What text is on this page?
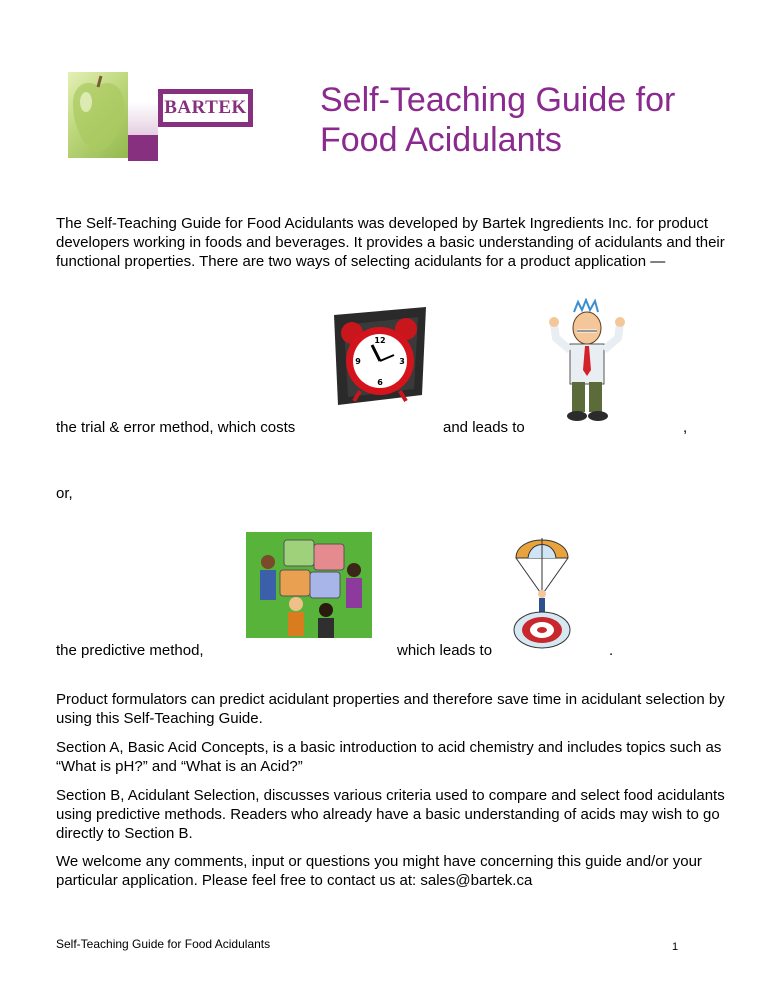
BARTEK Self-Teaching Guide for Food Acidulants

The Self-Teaching Guide for Food Acidulants was developed by Bartek Ingredients Inc. for product developers working in foods and beverages. It provides a basic understanding of acidulants and their functional properties. There are two ways of selecting acidulants for a product application —

12
3
6
9
the trial & error method, which costs	and leads to	,
or,
the predictive method,	which leads to	.

Product formulators can predict acidulant properties and therefore save time in acidulant selection by using this Self-Teaching Guide.

Section A, Basic Acid Concepts, is a basic introduction to acid chemistry and includes topics such as “What is pH?” and “What is an Acid?”

Section B, Acidulant Selection, discusses various criteria used to compare and select food acidulants using predictive methods. Readers who already have a basic understanding of acids may wish to go directly to Section B.

We welcome any comments, input or questions you might have concerning this guide and/or your particular application. Please feel free to contact us at: sales@bartek.ca

Self-Teaching Guide for Food Acidulants	1
